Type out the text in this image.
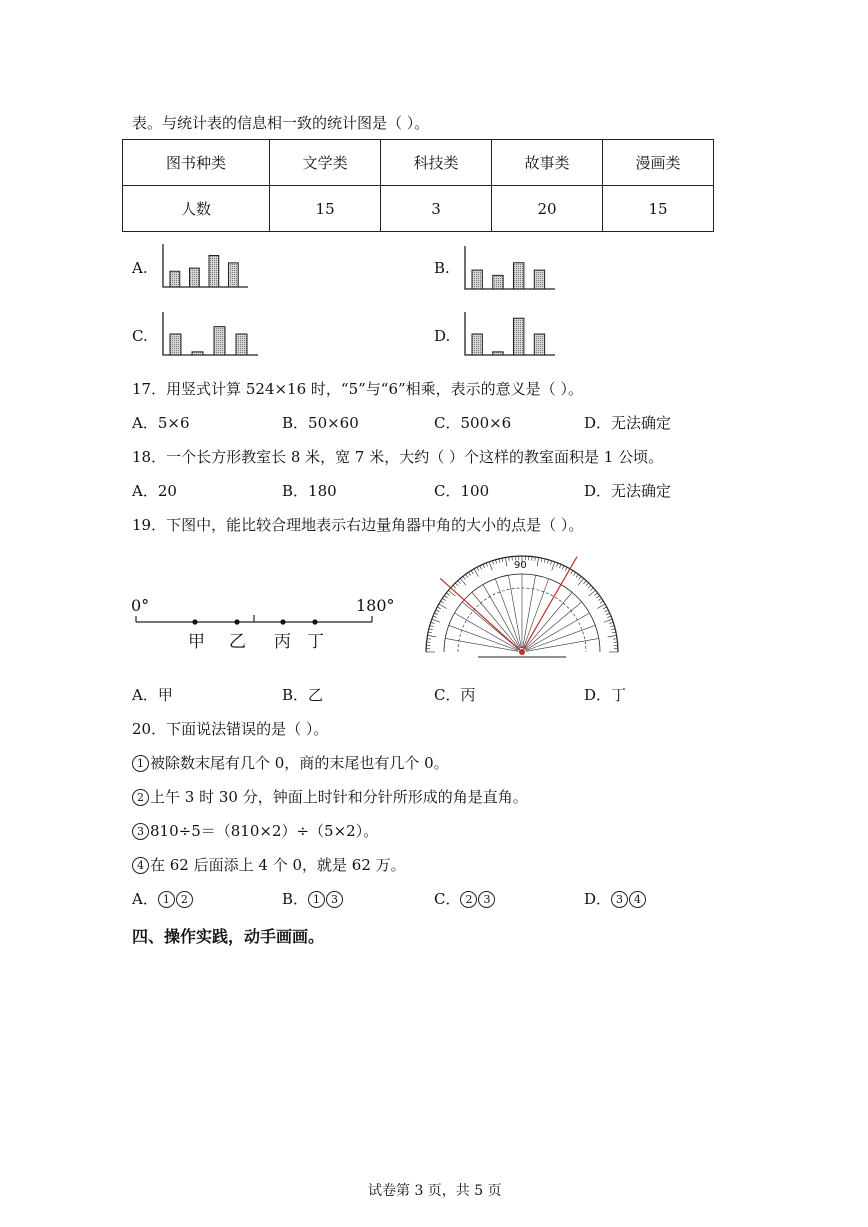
表。与统计表的信息相一致的统计图是（ ）。
图书种类	文学类	科技类	故事类	漫画类
人数	15	3	20	15
A.	B.
C.	D.
17．用竖式计算 524×16 时，“5”与“6”相乘，表示的意义是（ ）。
A．5×6	B．50×60	C．500×6	D．无法确定
18．一个长方形教室长 8 米，宽 7 米，大约（ ）个这样的教室面积是 1 公顷。
A．20	B．180	C．100	D．无法确定
19．下图中，能比较合理地表示右边量角器中角的大小的点是（ ）。
0°	180°
甲 乙 丙 丁
90
A．甲	B．乙	C．丙	D．丁
20．下面说法错误的是（ ）。
1 被除数末尾有几个 0，商的末尾也有几个 0。
2 上午 3 时 30 分，钟面上时针和分针所形成的角是直角。
3 810÷5＝（810×2）÷（5×2）。
4 在 62 后面添上 4 个 0，就是 62 万。
A． 1 2	B． 1 3	C． 2 3	D． 3 4
四、操作实践，动手画画。
试卷第 3 页，共 5 页
